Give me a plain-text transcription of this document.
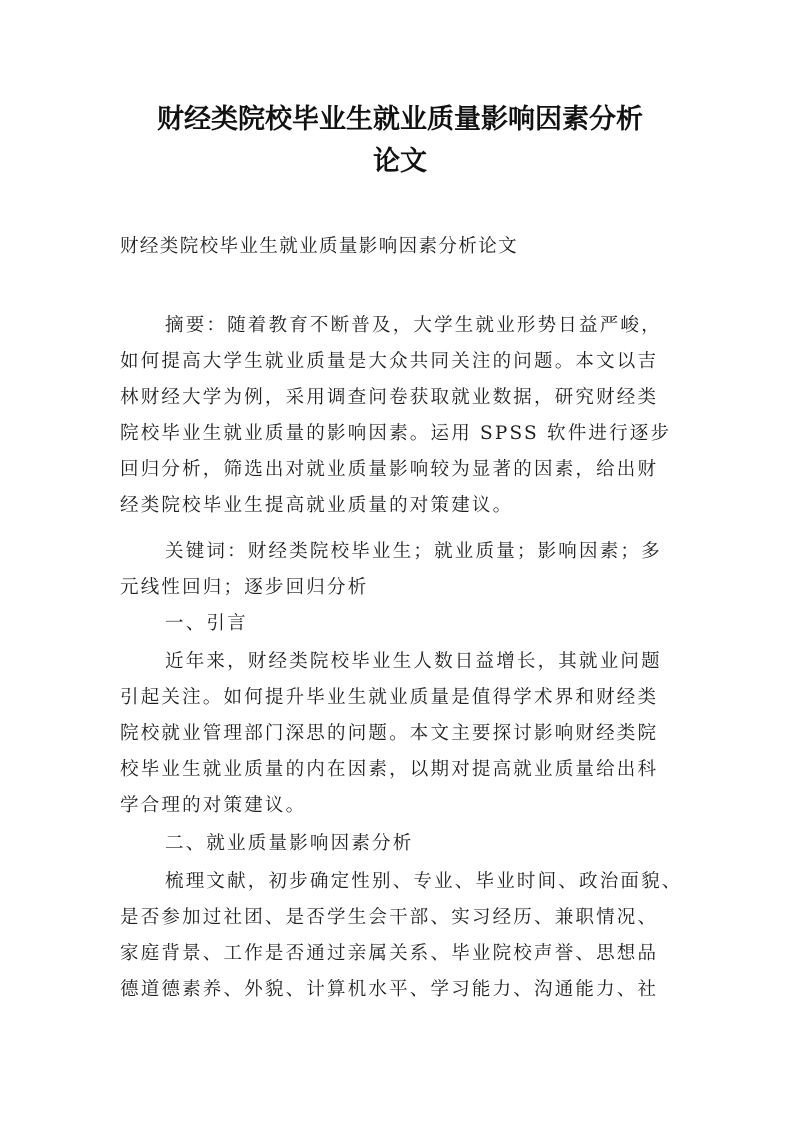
财经类院校毕业生就业质量影响因素分析
论文

财经类院校毕业生就业质量影响因素分析论文

摘要：随着教育不断普及，大学生就业形势日益严峻，

如何提高大学生就业质量是大众共同关注的问题。本文以吉

林财经大学为例，采用调查问卷获取就业数据，研究财经类

院校毕业生就业质量的影响因素。运用 SPSS 软件进行逐步

回归分析，筛选出对就业质量影响较为显著的因素，给出财

经类院校毕业生提高就业质量的对策建议。

关键词：财经类院校毕业生；就业质量；影响因素；多

元线性回归；逐步回归分析

一、引言

近年来，财经类院校毕业生人数日益增长，其就业问题

引起关注。如何提升毕业生就业质量是值得学术界和财经类

院校就业管理部门深思的问题。本文主要探讨影响财经类院

校毕业生就业质量的内在因素，以期对提高就业质量给出科

学合理的对策建议。

二、就业质量影响因素分析

梳理文献，初步确定性别、专业、毕业时间、政治面貌、

是否参加过社团、是否学生会干部、实习经历、兼职情况、

家庭背景、工作是否通过亲属关系、毕业院校声誉、思想品

德道德素养、外貌、计算机水平、学习能力、沟通能力、社
